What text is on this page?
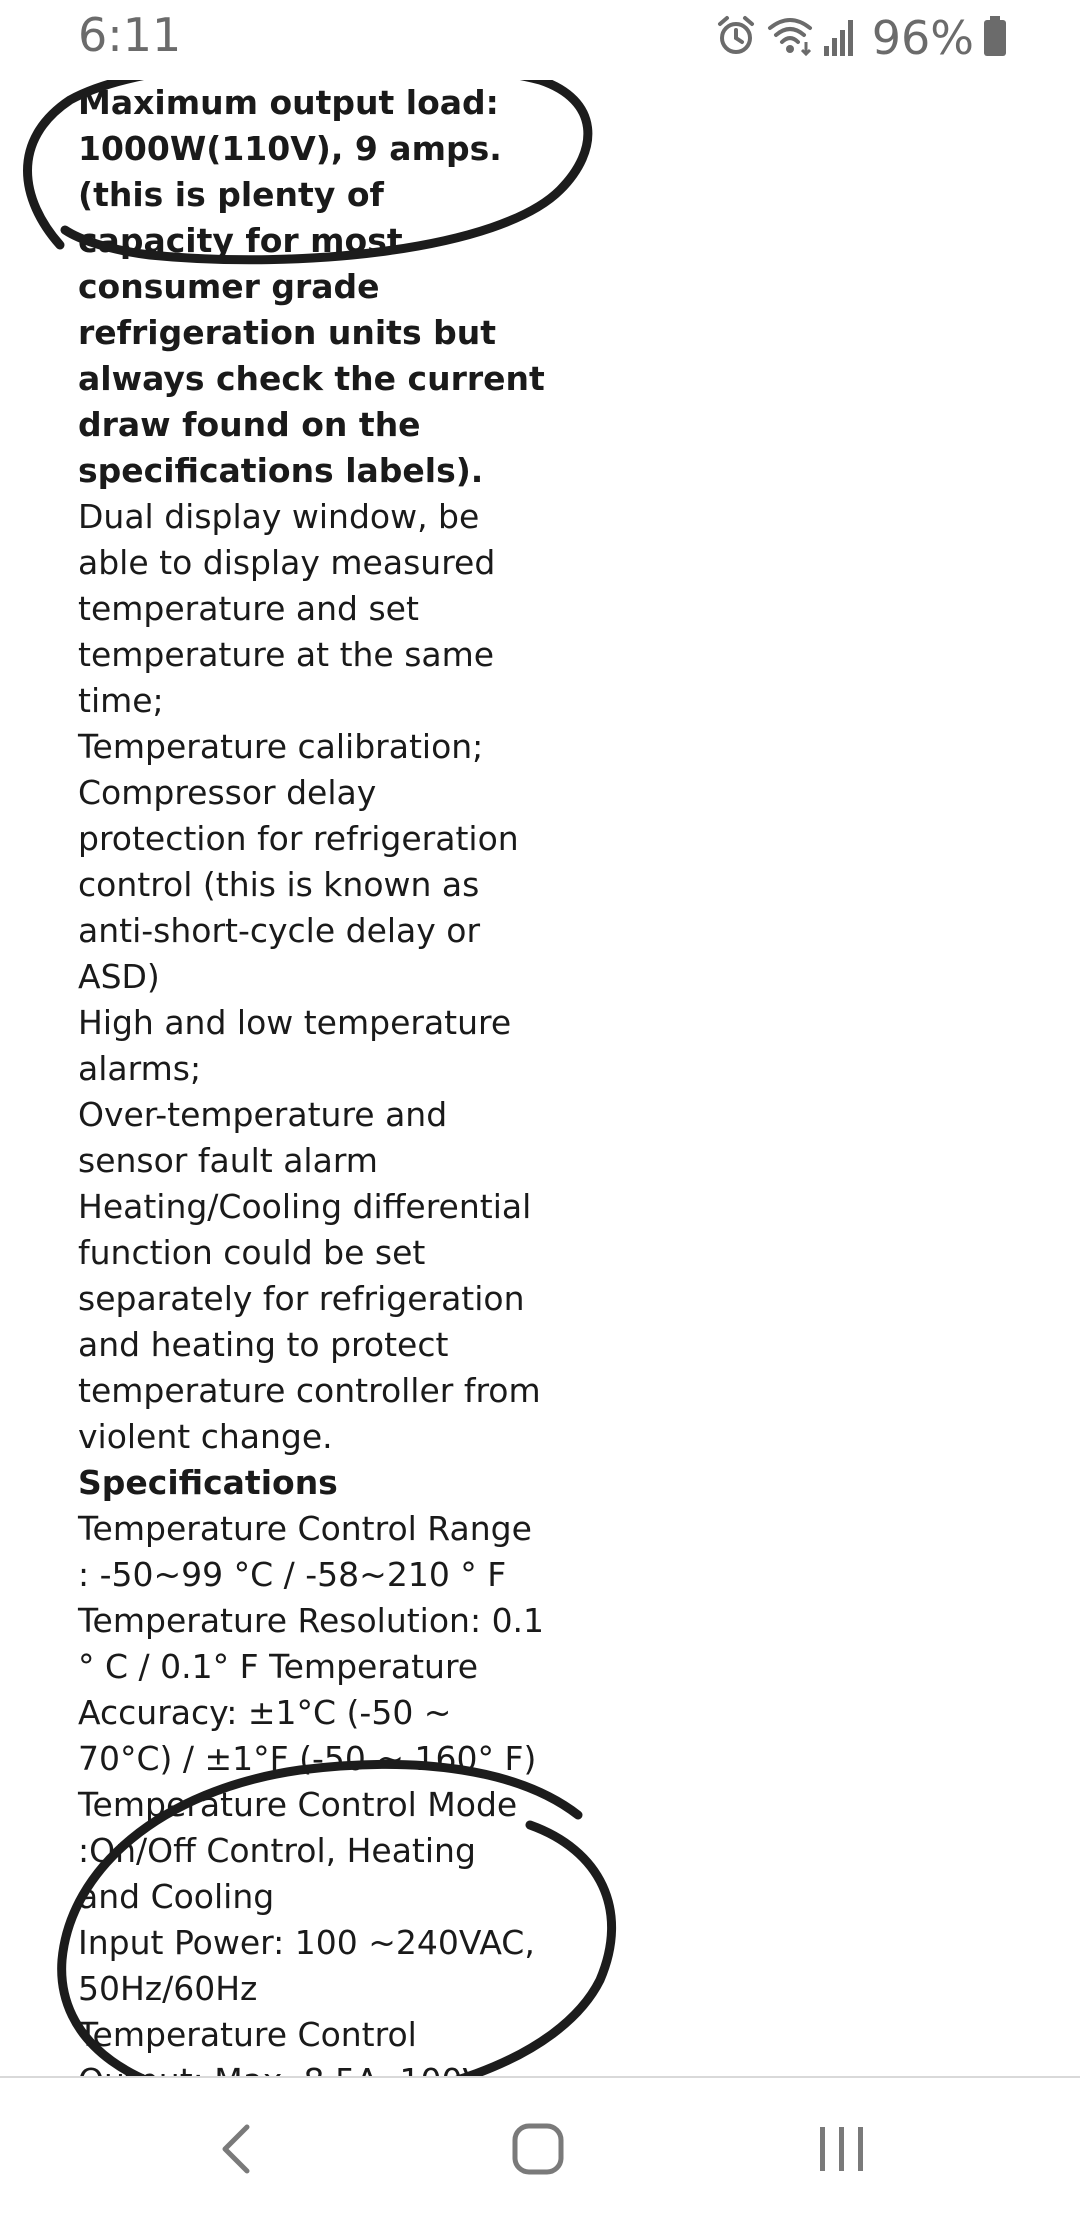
6:11	96%

Maximum output load: 1000W(110V), 9 amps. (this is plenty of capacity for most consumer grade refrigeration units but always check the current draw found on the specifications labels).

Dual display window, be able to display measured temperature and set temperature at the same time;

Temperature calibration;

Compressor delay protection for refrigeration control (this is known as anti-short-cycle delay or ASD)

High and low temperature alarms;

Over-temperature and sensor fault alarm

Heating/Cooling differential function could be set separately for refrigeration and heating to protect temperature controller from violent change.

Specifications

Temperature Control Range : -50~99 °C / -58~210 ° F

Temperature Resolution: 0.1 ° C / 0.1° F Temperature Accuracy: ±1°C (-50 ~ 70°C) / ±1°F (-50 ~ 160° F)

Temperature Control Mode :On/Off Control, Heating and Cooling

Input Power: 100 ~240VAC, 50Hz/60Hz

Temperature Control
